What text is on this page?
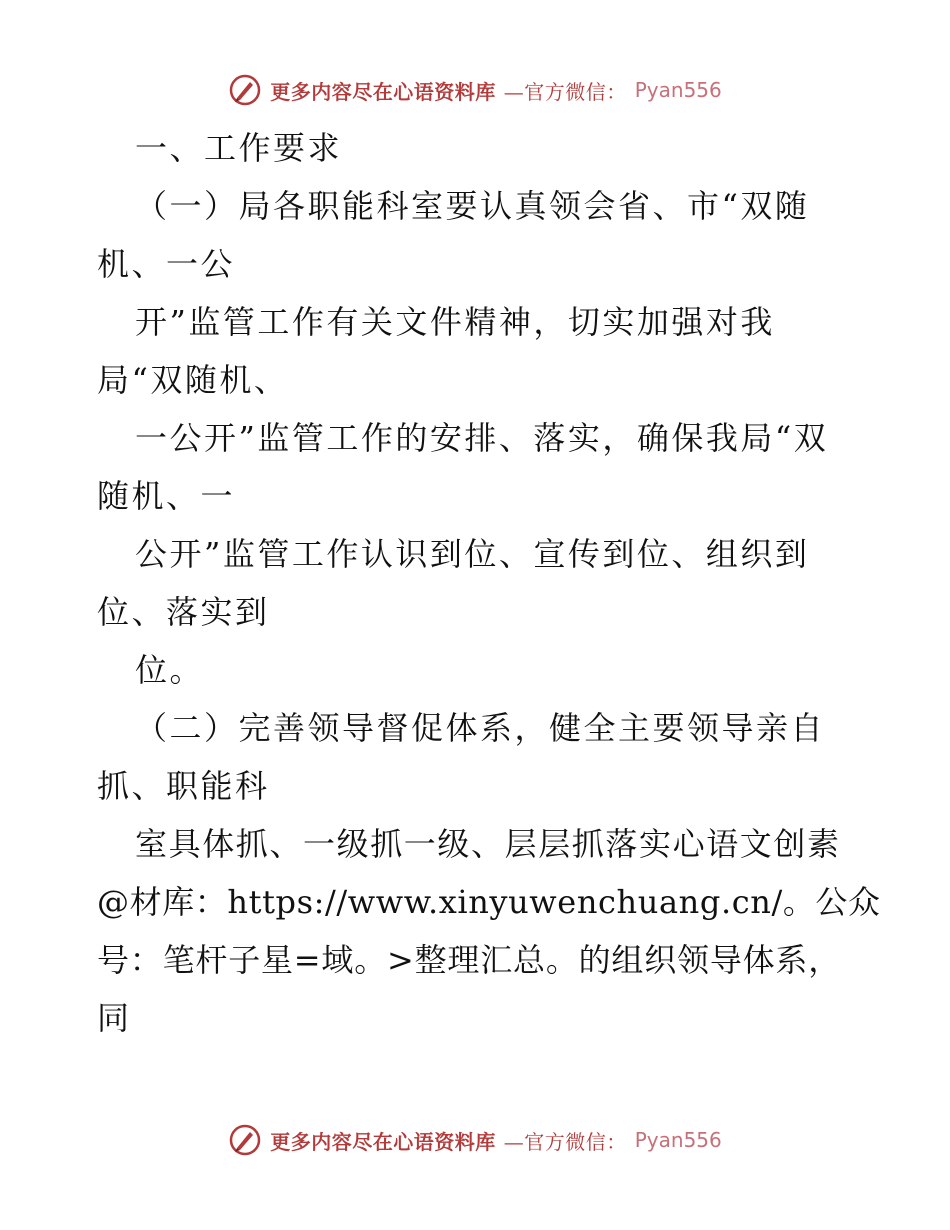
更多内容尽在心语资料库 —官方微信： Pyan556
一、工作要求
（一）局各职能科室要认真领会省、市“双随
机、一公
开”监管工作有关文件精神，切实加强对我
局“双随机、
一公开”监管工作的安排、落实，确保我局“双
随机、一
公开”监管工作认识到位、宣传到位、组织到
位、落实到
位。
（二）完善领导督促体系，健全主要领导亲自
抓、职能科
室具体抓、一级抓一级、层层抓落实心语文创素
@材库：https://www.xinyuwenchuang.cn/。公众
号：笔杆子星=域。>整理汇总。的组织领导体系，
同
更多内容尽在心语资料库 —官方微信： Pyan556
